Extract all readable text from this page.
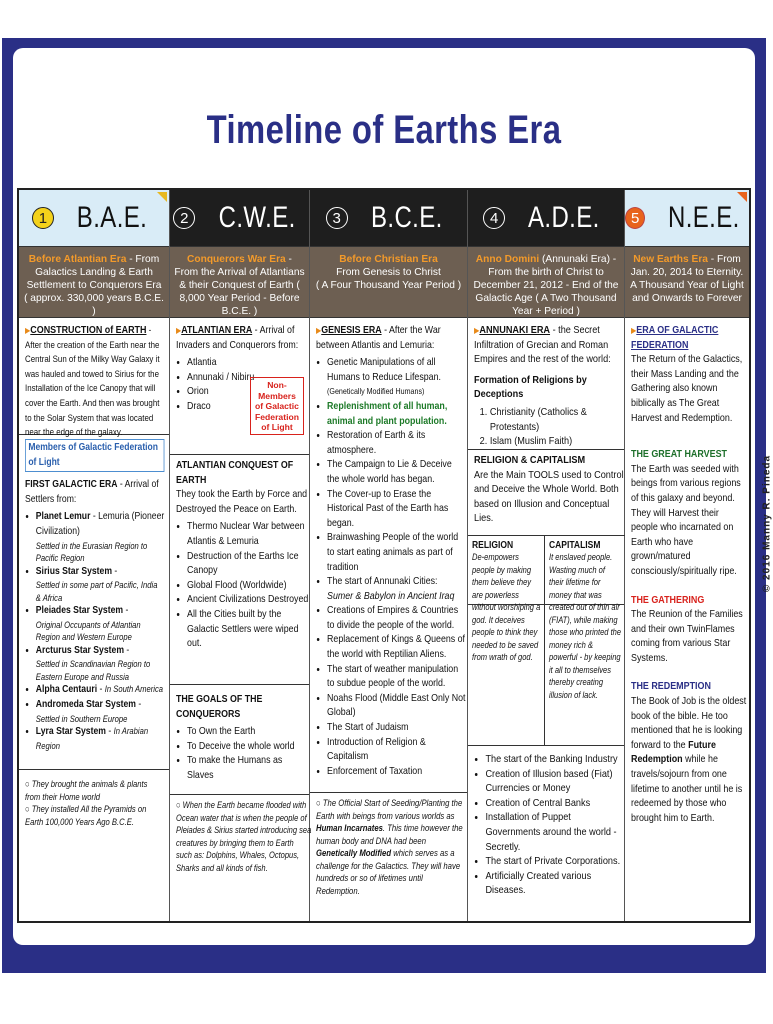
Timeline of Earths Era
1 B.A.E.
Before Atlantian Era - From Galactics Landing & Earth Settlement to Conquerors Era
( approx. 330,000 years B.C.E. )
▶CONSTRUCTION of EARTH - After the creation of the Earth near the Central Sun of the Milky Way Galaxy it was hauled and towed to Sirius for the Installation of the Ice Canopy that will cover the Earth. And then was brought to the Solar System that was located near the edge of the galaxy.
Members of Galactic Federation of Light
FIRST GALACTIC ERA - Arrival of Settlers from:
• Planet Lemur - Lemuria (Pioneer Civilization)
Settled in the Eurasian Region to Pacific Region
• Sirius Star System -
Settled in some part of Pacific, India & Africa
• Pleiades Star System -
Original Occupants of Atlantian Region and Western Europe
• Arcturus Star System -
Settled in Scandinavian Region to Eastern Europe and Russia
• Alpha Centauri - In South America
• Andromeda Star System -
Settled in Southern Europe
• Lyra Star System - In Arabian Region
○ They brought the animals & plants from their Home world
○ They installed All the Pyramids on Earth 100,000 Years Ago B.C.E.
2 C.W.E.
Conquerors War Era - From the Arrival of Atlantians & their Conquest of Earth ( 8,000 Year Period - Before B.C.E. )
▶ATLANTIAN ERA - Arrival of Invaders and Conquerors from:
• Atlantia
• Annunaki / Nibiru
• Orion
• Draco
Non-Members of Galactic Federation of Light
ATLANTIAN CONQUEST OF EARTH
They took the Earth by Force and Destroyed the Peace on Earth.
• Thermo Nuclear War between Atlantis & Lemuria
• Destruction of the Earths Ice Canopy
• Global Flood (Worldwide)
• Ancient Civilizations Destroyed
• All the Cities built by the Galactic Settlers were wiped out.
THE GOALS OF THE CONQUERORS
• To Own the Earth
• To Deceive the whole world
• To make the Humans as Slaves
○ When the Earth became flooded with Ocean water that is when the people of Pleiades & Sirius started introducing sea creatures by bringing them to Earth such as: Dolphins, Whales, Octopus, Sharks and all kinds of fish.
3 B.C.E.
Before Christian Era
From Genesis to Christ
( A Four Thousand Year Period )
▶GENESIS ERA - After the War between Atlantis and Lemuria:
• Genetic Manipulations of all Humans to Reduce Lifespan. (Genetically Modified Humans)
• Replenishment of all human, animal and plant population.
• Restoration of Earth & its atmosphere.
• The Campaign to Lie & Deceive the whole world has began.
• The Cover-up to Erase the Historical Past of the Earth has began.
• Brainwashing People of the world to start eating animals as part of tradition
• The start of Annunaki Cities:
Sumer & Babylon in Ancient Iraq
• Creations of Empires & Countries to divide the people of the world.
• Replacement of Kings & Queens of the world with Reptilian Aliens.
• The start of weather manipulation to subdue people of the world.
• Noahs Flood (Middle East Only Not Global)
• The Start of Judaism
• Introduction of Religion & Capitalism
• Enforcement of Taxation
○ The Official Start of Seeding/Planting the Earth with beings from various worlds as Human Incarnates. This time however the human body and DNA had been Genetically Modified which serves as a challenge for the Galactics. They will have hundreds or so of lifetimes until Redemption.
4 A.D.E.
Anno Domini (Annunaki Era) - From the birth of Christ to December 21, 2012 - End of the Galactic Age ( A Two Thousand Year + Period )
▶ANNUNAKI ERA - the Secret Infiltration of Grecian and Roman Empires and the rest of the world:
Formation of Religions by Deceptions
1. Christianity (Catholics & Protestants)
2. Islam (Muslim Faith)
RELIGION & CAPITALISM
Are the Main TOOLS used to Control and Deceive the Whole World. Both based on Illusion and Conceptual Lies.
RELIGION
De-empowers people by making them believe they are powerless without worshiping a god. It deceives people to think they needed to be saved from wrath of god.
CAPITALISM
It enslaved people. Wasting much of their lifetime for money that was created out of thin air (FIAT), while making those who printed the money rich & powerful - by keeping it all to themselves thereby creating illusion of lack.
• The start of the Banking Industry
• Creation of Illusion based (Fiat) Currencies or Money
• Creation of Central Banks
• Installation of Puppet Governments around the world - Secretly.
• The start of Private Corporations.
• Artificially Created various Diseases.
5 N.E.E.
New Earths Era - From Jan. 20, 2014 to Eternity. A Thousand Year of Light and Onwards to Forever
▶ERA OF GALACTIC FEDERATION
The Return of the Galactics, their Mass Landing and the Gathering also known biblically as The Great Harvest and Redemption.
THE GREAT HARVEST
The Earth was seeded with beings from various regions of this galaxy and beyond. They will Harvest their people who incarnated on Earth who have grown/matured consciously/spiritually ripe.
THE GATHERING
The Reunion of the Families and their own TwinFlames coming from various Star Systems.
THE REDEMPTION
The Book of Job is the oldest book of the bible. He too mentioned that he is looking forward to the Future Redemption while he travels/sojourn from one lifetime to another until he is redeemed by those who brought him to Earth.
© 2016 Manny R. Pineda
